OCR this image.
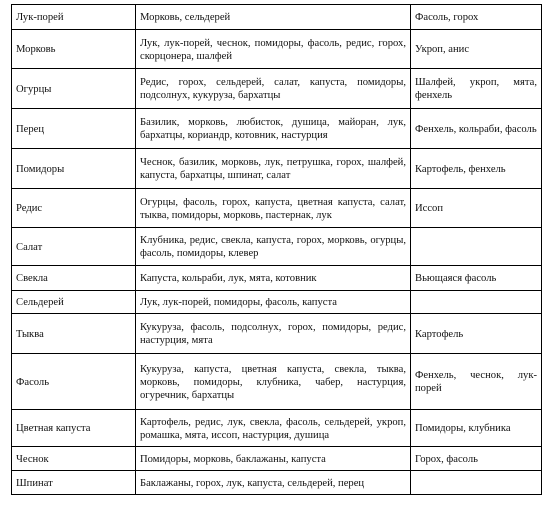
Лук-порей	Морковь, сельдерей	Фасоль, горох
Морковь	Лук, лук-порей, чеснок, помидоры, фасоль, редис, горох, скорцонера, шалфей	Укроп, анис
Огурцы	Редис, горох, сельдерей, салат, капуста, помидоры, подсолнух, кукуруза, бархатцы	Шалфей, укроп, мята, фенхель
Перец	Базилик, морковь, любисток, душица, майоран, лук, бархатцы, кориандр, котовник, настурция	Фенхель, кольраби, фасоль
Помидоры	Чеснок, базилик, морковь, лук, петрушка, горох, шалфей, капуста, бархатцы, шпинат, салат	Картофель, фенхель
Редис	Огурцы, фасоль, горох, капуста, цветная капуста, салат, тыква, помидоры, морковь, пастернак, лук	Иссоп
Салат	Клубника, редис, свекла, капуста, горох, морковь, огурцы, фасоль, помидоры, клевер	
Свекла	Капуста, кольраби, лук, мята, котовник	Вьющаяся фасоль
Сельдерей	Лук, лук-порей, помидоры, фасоль, капуста	
Тыква	Кукуруза, фасоль, подсолнух, горох, помидоры, редис, настурция, мята	Картофель
Фасоль	Кукуруза, капуста, цветная капуста, свекла, тыква, морковь, помидоры, клубника, чабер, настурция, огуречник, бархатцы	Фенхель, чеснок, лук-порей
Цветная капуста	Картофель, редис, лук, свекла, фасоль, сельдерей, укроп, ромашка, мята, иссоп, настурция, душица	Помидоры, клубника
Чеснок	Помидоры, морковь, баклажаны, капуста	Горох, фасоль
Шпинат	Баклажаны, горох, лук, капуста, сельдерей, перец	
